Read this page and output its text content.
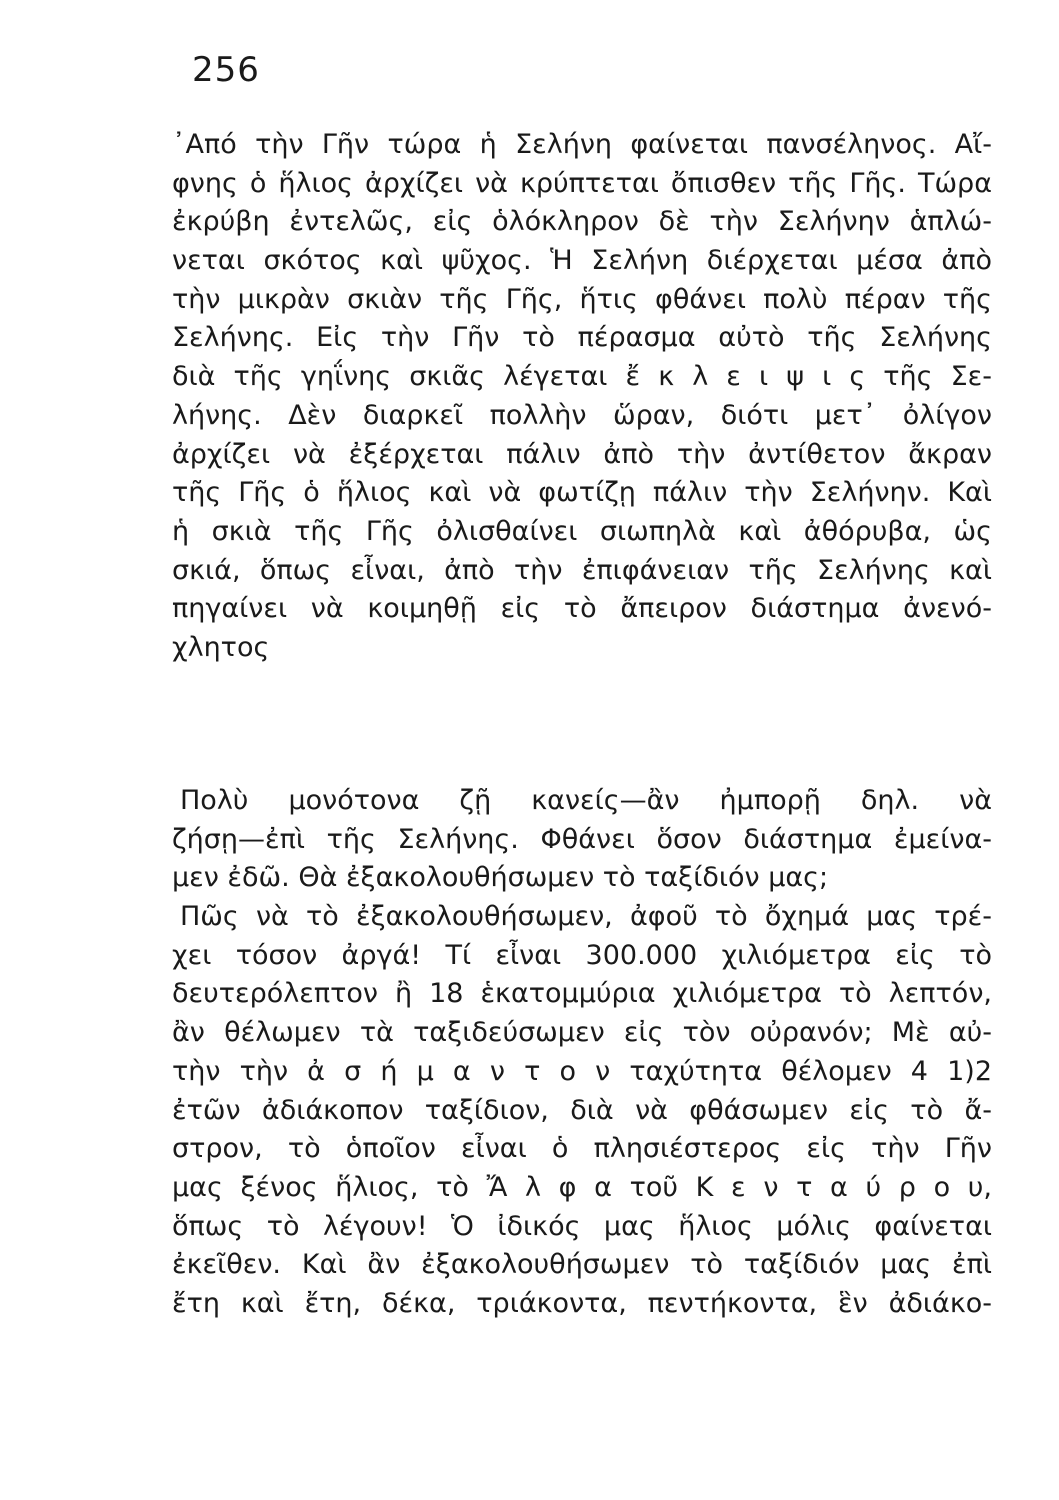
256
᾽Από τὴν Γῆν τώρα ἡ Σελήνη φαίνεται πανσέληνος. Αἴ-
φνης ὁ ἥλιος ἀρχίζει νὰ κρύπτεται ὄπισθεν τῆς Γῆς. Τώρα
ἐκρύβη ἐντελῶς, εἰς ὁλόκληρον δὲ τὴν Σελήνην ἁπλώ-
νεται σκότος καὶ ψῦχος. Ἡ Σελήνη διέρχεται μέσα ἀπὸ
τὴν μικρὰν σκιὰν τῆς Γῆς, ἥτις φθάνει πολὺ πέραν τῆς
Σελήνης. Εἰς τὴν Γῆν τὸ πέρασμα αὐτὸ τῆς Σελήνης
διὰ τῆς γηΐνης σκιᾶς λέγεται ἔ κ λ ε ι ψ ι ς τῆς Σε-
λήνης. Δὲν διαρκεῖ πολλὴν ὥραν, διότι μετ᾽ ὀλίγον
ἀρχίζει νὰ ἐξέρχεται πάλιν ἀπὸ τὴν ἀντίθετον ἄκραν
τῆς Γῆς ὁ ἥλιος καὶ νὰ φωτίζῃ πάλιν τὴν Σελήνην. Καὶ
ἡ σκιὰ τῆς Γῆς ὀλισθαίνει σιωπηλὰ καὶ ἀθόρυβα, ὡς
σκιά, ὅπως εἶναι, ἀπὸ τὴν ἐπιφάνειαν τῆς Σελήνης καὶ
πηγαίνει νὰ κοιμηθῇ εἰς τὸ ἄπειρον διάστημα ἀνενό-
χλητος
Πολὺ μονότονα ζῇ κανείς—ἂν ἠμπορῇ δηλ. νὰ
ζήσῃ—ἐπὶ τῆς Σελήνης. Φθάνει ὅσον διάστημα ἐμείνα-
μεν ἐδῶ. Θὰ ἐξακολουθήσωμεν τὸ ταξίδιόν μας;
Πῶς νὰ τὸ ἐξακολουθήσωμεν, ἀφοῦ τὸ ὄχημά μας τρέ-
χει τόσον ἀργά! Τί εἶναι 300.000 χιλιόμετρα εἰς τὸ
δευτερόλεπτον ἢ 18 ἑκατομμύρια χιλιόμετρα τὸ λεπτόν,
ἂν θέλωμεν τὰ ταξιδεύσωμεν εἰς τὸν οὐρανόν; Μὲ αὐ-
τὴν τὴν ἀ σ ή μ α ν τ ο ν ταχύτητα θέλομεν 4 1)2
ἐτῶν ἀδιάκοπον ταξίδιον, διὰ νὰ φθάσωμεν εἰς τὸ ἄ-
στρον, τὸ ὁποῖον εἶναι ὁ πλησιέστερος εἰς τὴν Γῆν
μας ξένος ἥλιος, τὸ Ἄ λ φ α τοῦ Κ ε ν τ α ύ ρ ο υ,
ὅπως τὸ λέγουν! Ὁ ἰδικός μας ἥλιος μόλις φαίνεται
ἐκεῖθεν. Καὶ ἂν ἐξακολουθήσωμεν τὸ ταξίδιόν μας ἐπὶ
ἔτη καὶ ἔτη, δέκα, τριάκοντα, πεντήκοντα, ἓν ἀδιάκο-
